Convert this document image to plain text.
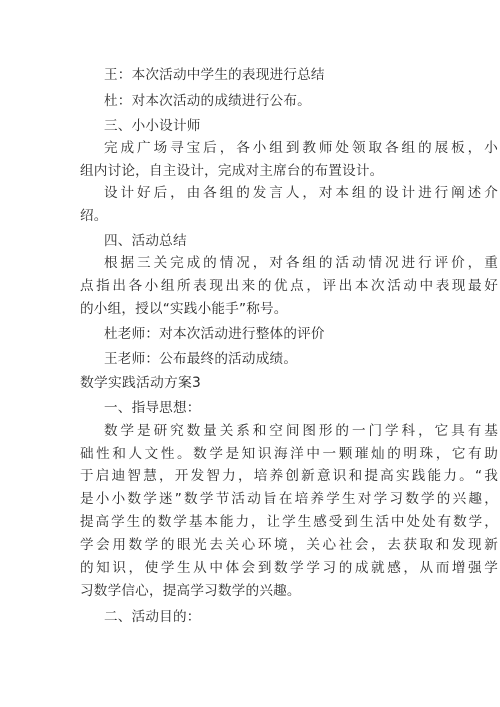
王：本次活动中学生的表现进行总结
杜：对本次活动的成绩进行公布。
三、小小设计师
完成广场寻宝后，各小组到教师处领取各组的展板，小
组内讨论，自主设计，完成对主席台的布置设计。
设计好后，由各组的发言人，对本组的设计进行阐述介
绍。
四、活动总结
根据三关完成的情况，对各组的活动情况进行评价，重
点指出各小组所表现出来的优点，评出本次活动中表现最好
的小组，授以“实践小能手”称号。
杜老师：对本次活动进行整体的评价
王老师：公布最终的活动成绩。
数学实践活动方案3
一、指导思想：
数学是研究数量关系和空间图形的一门学科，它具有基
础性和人文性。数学是知识海洋中一颗璀灿的明珠，它有助
于启迪智慧，开发智力，培养创新意识和提高实践能力。“我
是小小数学迷”数学节活动旨在培养学生对学习数学的兴趣，
提高学生的数学基本能力，让学生感受到生活中处处有数学，
学会用数学的眼光去关心环境，关心社会，去获取和发现新
的知识，使学生从中体会到数学学习的成就感，从而增强学
习数学信心，提高学习数学的兴趣。
二、活动目的：
